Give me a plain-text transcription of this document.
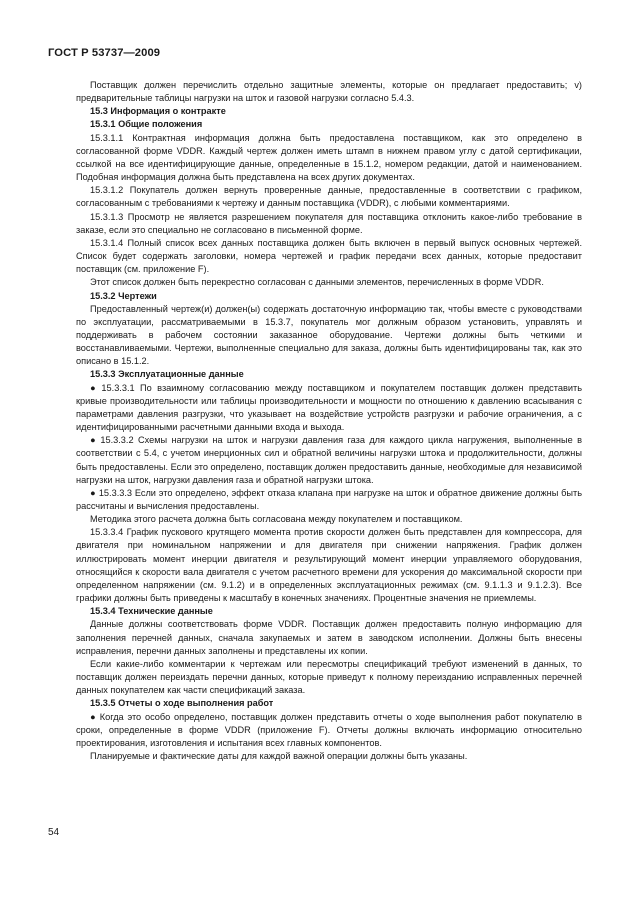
ГОСТ Р 53737—2009

Поставщик должен перечислить отдельно защитные элементы, которые он предлагает предоставить; v) предварительные таблицы нагрузки на шток и газовой нагрузки согласно 5.4.3.

15.3 Информация о контракте
15.3.1 Общие положения

15.3.1.1 Контрактная информация должна быть предоставлена поставщиком, как это определено в согласованной форме VDDR. Каждый чертеж должен иметь штамп в нижнем правом углу с датой сертификации, ссылкой на все идентифицирующие данные, определенные в 15.1.2, номером редакции, датой и наименованием. Подобная информация должна быть представлена на всех других документах.

15.3.1.2 Покупатель должен вернуть проверенные данные, предоставленные в соответствии с графиком, согласованным с требованиями к чертежу и данным поставщика (VDDR), с любыми комментариями.

15.3.1.3 Просмотр не является разрешением покупателя для поставщика отклонить какое-либо требование в заказе, если это специально не согласовано в письменной форме.

15.3.1.4 Полный список всех данных поставщика должен быть включен в первый выпуск основных чертежей. Список будет содержать заголовки, номера чертежей и график передачи всех данных, которые предоставит поставщик (см. приложение F).

Этот список должен быть перекрестно согласован с данными элементов, перечисленных в форме VDDR.

15.3.2 Чертежи

Предоставленный чертеж(и) должен(ы) содержать достаточную информацию так, чтобы вместе с руководствами по эксплуатации, рассматриваемыми в 15.3.7, покупатель мог должным образом установить, управлять и поддерживать в рабочем состоянии заказанное оборудование. Чертежи должны быть четкими и восстанавливаемыми. Чертежи, выполненные специально для заказа, должны быть идентифицированы так, как это описано в 15.1.2.

15.3.3 Эксплуатационные данные

● 15.3.3.1 По взаимному согласованию между поставщиком и покупателем поставщик должен представить кривые производительности или таблицы производительности и мощности по отношению к давлению всасывания с параметрами давления разгрузки, что указывает на воздействие устройств разгрузки и рабочие ограничения, а с идентифицированными расчетными данными входа и выхода.

● 15.3.3.2 Схемы нагрузки на шток и нагрузки давления газа для каждого цикла нагружения, выполненные в соответствии с 5.4, с учетом инерционных сил и обратной величины нагрузки штока и продолжительности, должны быть предоставлены. Если это определено, поставщик должен предоставить данные, необходимые для независимой нагрузки на шток, нагрузки давления газа и обратной нагрузки штока.

● 15.3.3.3 Если это определено, эффект отказа клапана при нагрузке на шток и обратное движение должны быть рассчитаны и вычисления предоставлены.

Методика этого расчета должна быть согласована между покупателем и поставщиком.

15.3.3.4 График пускового крутящего момента против скорости должен быть представлен для компрессора, для двигателя при номинальном напряжении и для двигателя при снижении напряжения. График должен иллюстрировать момент инерции двигателя и результирующий момент инерции управляемого оборудования, относящийся к скорости вала двигателя с учетом расчетного времени для ускорения до максимальной скорости при определенном напряжении (см. 9.1.2) и в определенных эксплуатационных режимах (см. 9.1.1.3 и 9.1.2.3). Все графики должны быть приведены к масштабу в конечных значениях. Процентные значения не приемлемы.

15.3.4 Технические данные

Данные должны соответствовать форме VDDR. Поставщик должен предоставить полную информацию для заполнения перечней данных, сначала закупаемых и затем в заводском исполнении. Должны быть внесены исправления, перечни данных заполнены и представлены их копии.

Если какие-либо комментарии к чертежам или пересмотры спецификаций требуют изменений в данных, то поставщик должен переиздать перечни данных, которые приведут к полному переизданию исправленных перечней данных покупателем как части спецификаций заказа.

15.3.5 Отчеты о ходе выполнения работ

● Когда это особо определено, поставщик должен представить отчеты о ходе выполнения работ покупателю в сроки, определенные в форме VDDR (приложение F). Отчеты должны включать информацию относительно проектирования, изготовления и испытания всех главных компонентов.

Планируемые и фактические даты для каждой важной операции должны быть указаны.

54
